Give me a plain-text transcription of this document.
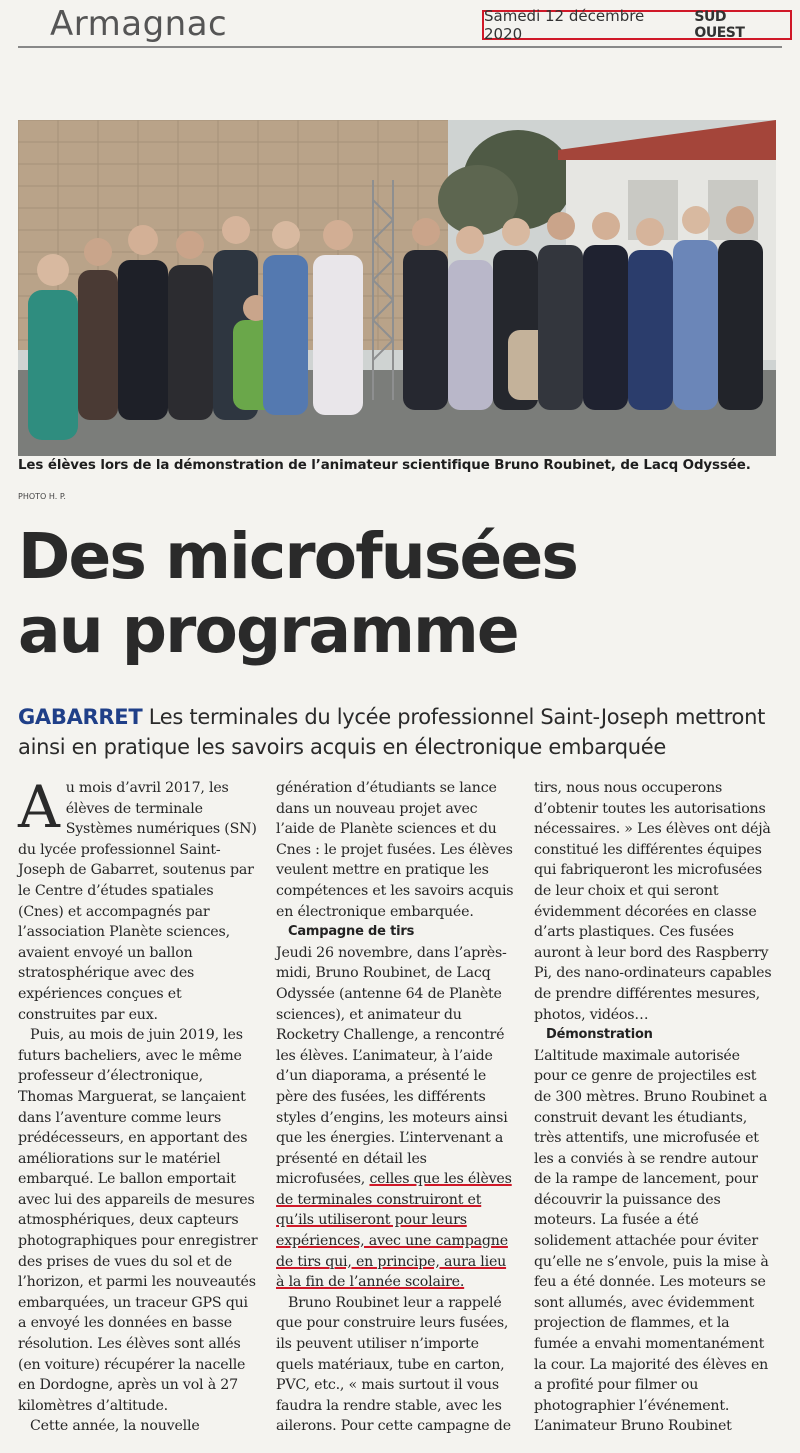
Armagnac	Samedi 12 décembre 2020
SUD OUEST
Les élèves lors de la démonstration de l’animateur scientifique Bruno Roubinet, de Lacq Odyssée.
PHOTO H. P.
Des microfusées
au programme
GABARRET Les terminales du lycée professionnel Saint-Joseph mettront ainsi en pratique les savoirs acquis en électronique embarquée

Au mois d’avril 2017, les élèves de terminale Systèmes numériques (SN) du lycée professionnel Saint-Joseph de Gabarret, soutenus par le Centre d’études spatiales (Cnes) et accompagnés par l’association Planète sciences, avaient envoyé un ballon stratosphérique avec des expériences conçues et construites par eux.

Puis, au mois de juin 2019, les futurs bacheliers, avec le même professeur d’électronique, Thomas Marguerat, se lançaient dans l’aventure comme leurs prédécesseurs, en apportant des améliorations sur le matériel embarqué. Le ballon emportait avec lui des appareils de mesures atmosphériques, deux capteurs photographiques pour enregistrer des prises de vues du sol et de l’horizon, et parmi les nouveautés embarquées, un traceur GPS qui a envoyé les données en basse résolution. Les élèves sont allés (en voiture) récupérer la nacelle en Dordogne, après un vol à 27 kilomètres d’altitude.

Cette année, la nouvelle

génération d’étudiants se lance dans un nouveau projet avec l’aide de Planète sciences et du Cnes : le projet fusées. Les élèves veulent mettre en pratique les compétences et les savoirs acquis en électronique embarquée.

Campagne de tirs

Jeudi 26 novembre, dans l’après-midi, Bruno Roubinet, de Lacq Odyssée (antenne 64 de Planète sciences), et animateur du Rocketry Challenge, a rencontré les élèves. L’animateur, à l’aide d’un diaporama, a présenté le père des fusées, les différents styles d’engins, les moteurs ainsi que les énergies. L’intervenant a présenté en détail les microfusées, celles que les élèves de terminales construiront et qu’ils utiliseront pour leurs expériences, avec une campagne de tirs qui, en principe, aura lieu à la fin de l’année scolaire.

Bruno Roubinet leur a rappelé que pour construire leurs fusées, ils peuvent utiliser n’importe quels matériaux, tube en carton, PVC, etc., « mais surtout il vous faudra la rendre stable, avec les ailerons. Pour cette campagne de

tirs, nous nous occuperons d’obtenir toutes les autorisations nécessaires. » Les élèves ont déjà constitué les différentes équipes qui fabriqueront les microfusées de leur choix et qui seront évidemment décorées en classe d’arts plastiques. Ces fusées auront à leur bord des Raspberry Pi, des nano-ordinateurs capables de prendre différentes mesures, photos, vidéos…

Démonstration

L’altitude maximale autorisée pour ce genre de projectiles est de 300 mètres. Bruno Roubinet a construit devant les étudiants, très attentifs, une microfusée et les a conviés à se rendre autour de la rampe de lancement, pour découvrir la puissance des moteurs. La fusée a été solidement attachée pour éviter qu’elle ne s’envole, puis la mise à feu a été donnée. Les moteurs se sont allumés, avec évidemment projection de flammes, et la fumée a envahi momentanément la cour. La majorité des élèves en a profité pour filmer ou photographier l’événement. L’animateur Bruno Roubinet
